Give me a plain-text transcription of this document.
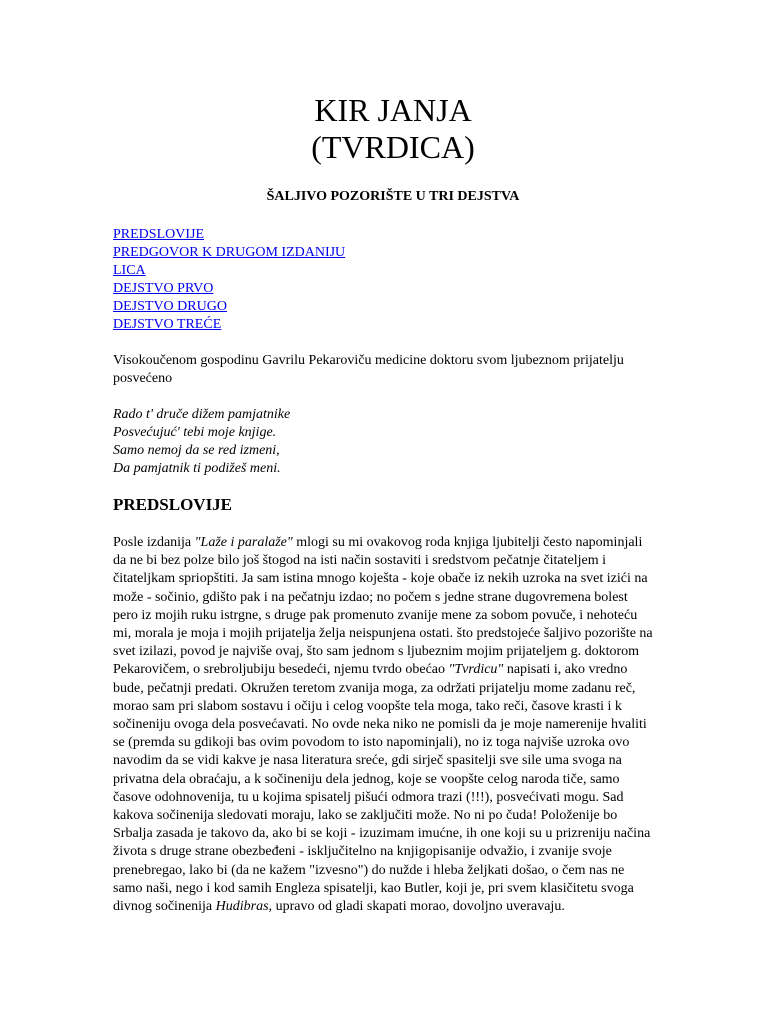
KIR JANJA
(TVRDICA)
ŠALJIVO POZORIŠTE U TRI DEJSTVA
PREDSLOVIJE
PREDGOVOR K DRUGOM IZDANIJU
LICA
DEJSTVO PRVO
DEJSTVO DRUGO
DEJSTVO TREĆE
Visokoučenom gospodinu Gavrilu Pekaroviču medicine doktoru svom ljubeznom prijatelju
posvećeno
Rado t' druče dižem pamjatnike
Posvećujuć' tebi moje knjige.
Samo nemoj da se red izmeni,
Da pamjatnik ti podižeš meni.
PREDSLOVIJE
Posle izdanija "Laže i paralaže" mlogi su mi ovakovog roda knjiga ljubitelji često napominjali
da ne bi bez polze bilo još štogod na isti način sostaviti i sredstvom pečatnje čitateljem i
čitateljkam spriopštiti. Ja sam istina mnogo koješta - koje obače iz nekih uzroka na svet izići na
može - sočinio, gdišto pak i na pečatnju izdao; no počem s jedne strane dugovremena bolest
pero iz mojih ruku istrgne, s druge pak promenuto zvanije mene za sobom povuče, i nehoteću
mi, morala je moja i mojih prijatelja želja neispunjena ostati. što predstojeće šaljivo pozorište na
svet izilazi, povod je najviše ovaj, što sam jednom s ljubeznim mojim prijateljem g. doktorom
Pekarovičem, o srebroljubiju besedeći, njemu tvrdo obećao "Tvrdicu" napisati i, ako vredno
bude, pečatnji predati. Okružen teretom zvanija moga, za održati prijatelju mome zadanu reč,
morao sam pri slabom sostavu i očiju i celog voopšte tela moga, tako reči, časove krasti i k
sočineniju ovoga dela posvećavati. No ovde neka niko ne pomisli da je moje namerenije hvaliti
se (premda su gdikoji bas ovim povodom to isto napominjali), no iz toga najviše uzroka ovo
navodim da se vidi kakve je nasa literatura sreće, gdi sirječ spasitelji sve sile uma svoga na
privatna dela obraćaju, a k sočineniju dela jednog, koje se voopšte celog naroda tiče, samo
časove odohnovenija, tu u kojima spisatelj pišući odmora trazi (!!!), posvećivati mogu. Sad
kakova sočinenija sledovati moraju, lako se zaključiti može. No ni po čuda! Položenije bo
Srbalja zasada je takovo da, ako bi se koji - izuzimam imućne, ih one koji su u prizreniju načina
života s druge strane obezbeđeni - isključitelno na knjigopisanije odvažio, i zvanije svoje
prenebregao, lako bi (da ne kažem "izvesno") do nužde i hleba željkati došao, o čem nas ne
samo naši, nego i kod samih Engleza spisatelji, kao Butler, koji je, pri svem klasičitetu svoga
divnog sočinenija Hudibras, upravo od gladi skapati morao, dovoljno uveravaju.
